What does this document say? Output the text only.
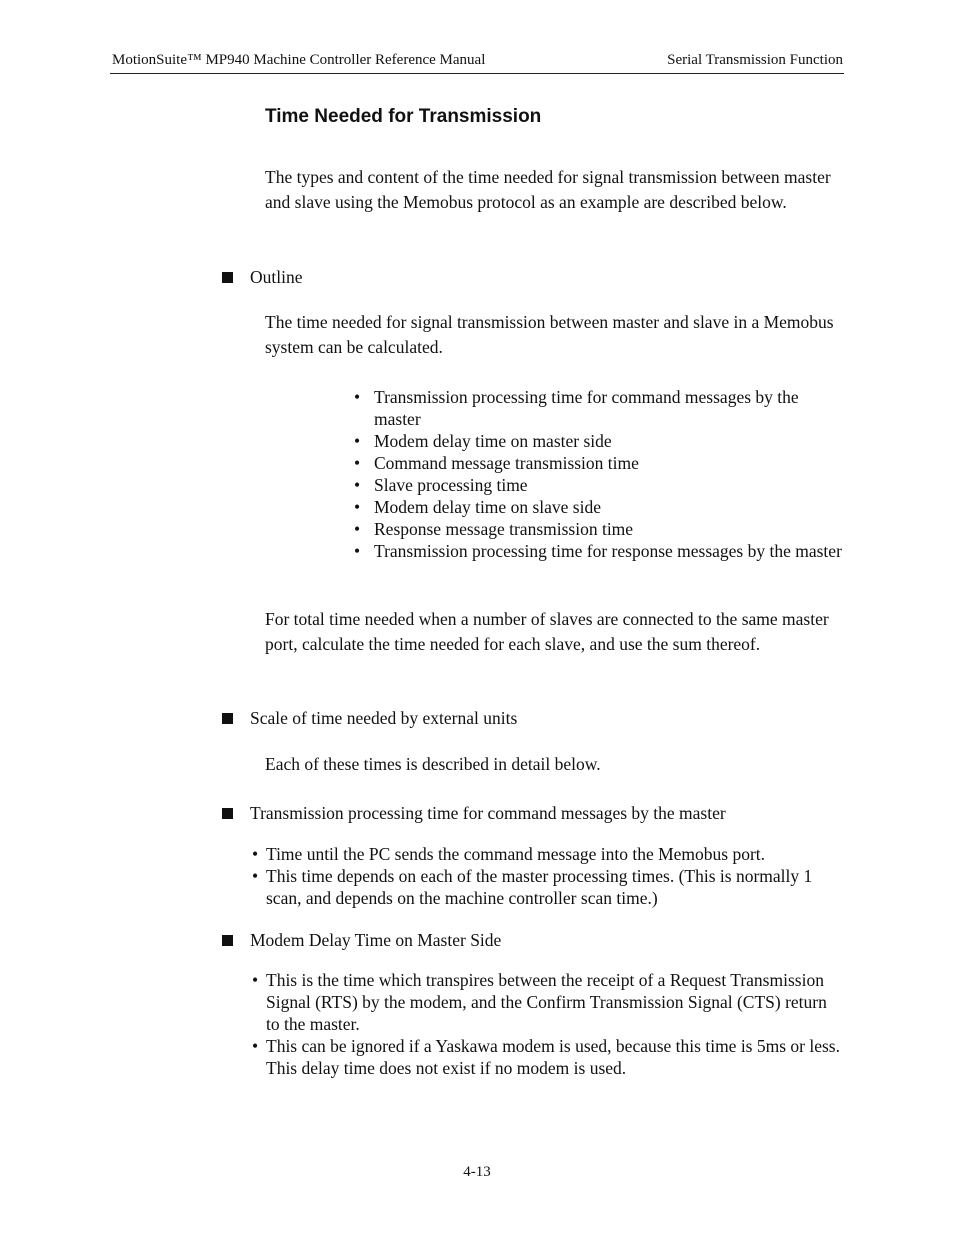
MotionSuite™ MP940 Machine Controller Reference Manual	Serial Transmission Function
Time Needed for Transmission
The types and content of the time needed for signal transmission between master and slave using the Memobus protocol as an example are described below.
Outline
The time needed for signal transmission between master and slave in a Memobus system can be calculated.
• Transmission processing time for command messages by the master
• Modem delay time on master side
• Command message transmission time
• Slave processing time
• Modem delay time on slave side
• Response message transmission time
• Transmission processing time for response messages by the master
For total time needed when a number of slaves are connected to the same master port, calculate the time needed for each slave, and use the sum thereof.
Scale of time needed by external units
Each of these times is described in detail below.
Transmission processing time for command messages by the master
• Time until the PC sends the command message into the Memobus port.
• This time depends on each of the master processing times. (This is normally 1 scan, and depends on the machine controller scan time.)
Modem Delay Time on Master Side
• This is the time which transpires between the receipt of a Request Transmission Signal (RTS) by the modem, and the Confirm Transmission Signal (CTS) return to the master.
• This can be ignored if a Yaskawa modem is used, because this time is 5ms or less. This delay time does not exist if no modem is used.
4-13
